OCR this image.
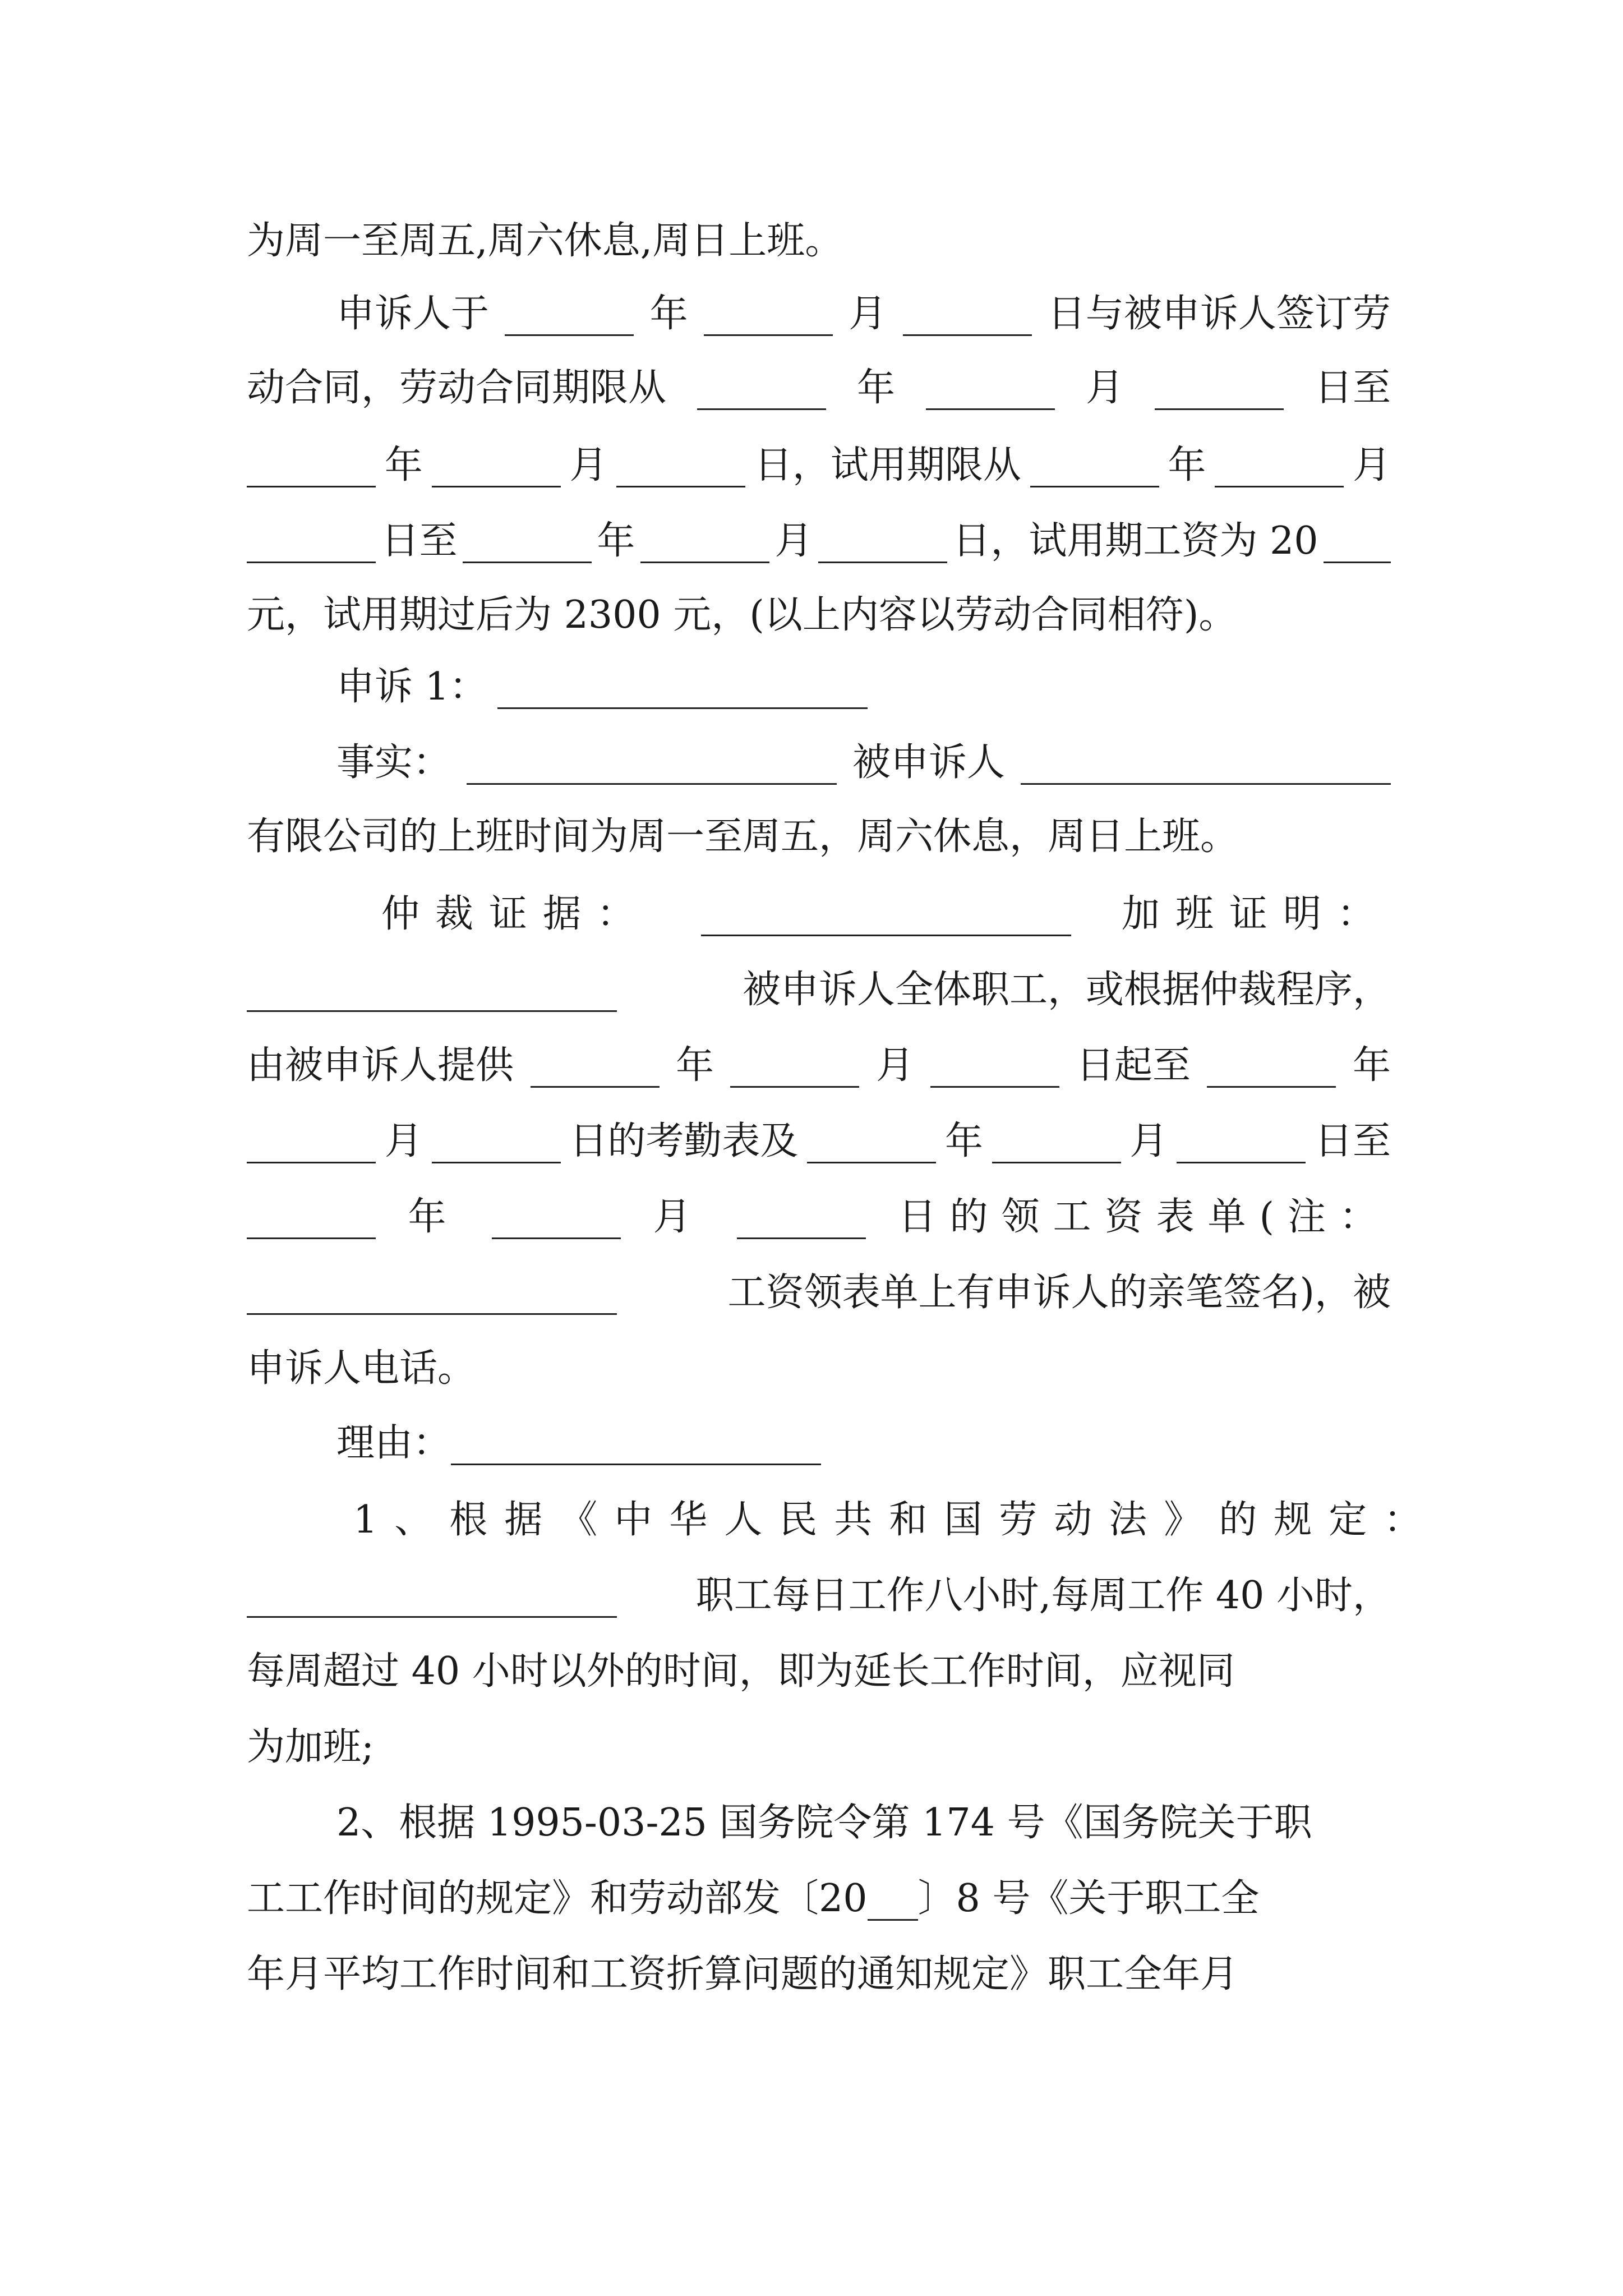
为周一至周五,周六休息,周日上班。
申诉人于	年	月	日与被申诉人签订劳
动合同，劳动合同期限从	年	月	日至
年	月	日，试用期限从	年	月
日至	年	月	日，试用期工资为 20
元，试用期过后为 2300 元，(以上内容以劳动合同相符)。
申诉 1：
事实：	被申诉人
有限公司的上班时间为周一至周五，周六休息，周日上班。
仲裁证据：	加班证明：
被申诉人全体职工，或根据仲裁程序，
由被申诉人提供	年	月	日起至	年
月	日的考勤表及	年	月	日至
年	月	日的领工资表单(注：
工资领表单上有申诉人的亲笔签名)，被
申诉人电话。
理由：
1、根据《中华人民共和国劳动法》的规定：
职工每日工作八小时,每周工作 40 小时，
每周超过 40 小时以外的时间，即为延长工作时间，应视同
为加班;
2、根据 1995-03-25 国务院令第 174 号《国务院关于职
工工作时间的规定》和劳动部发〔20 〕8 号《关于职工全
年月平均工作时间和工资折算问题的通知规定》职工全年月
